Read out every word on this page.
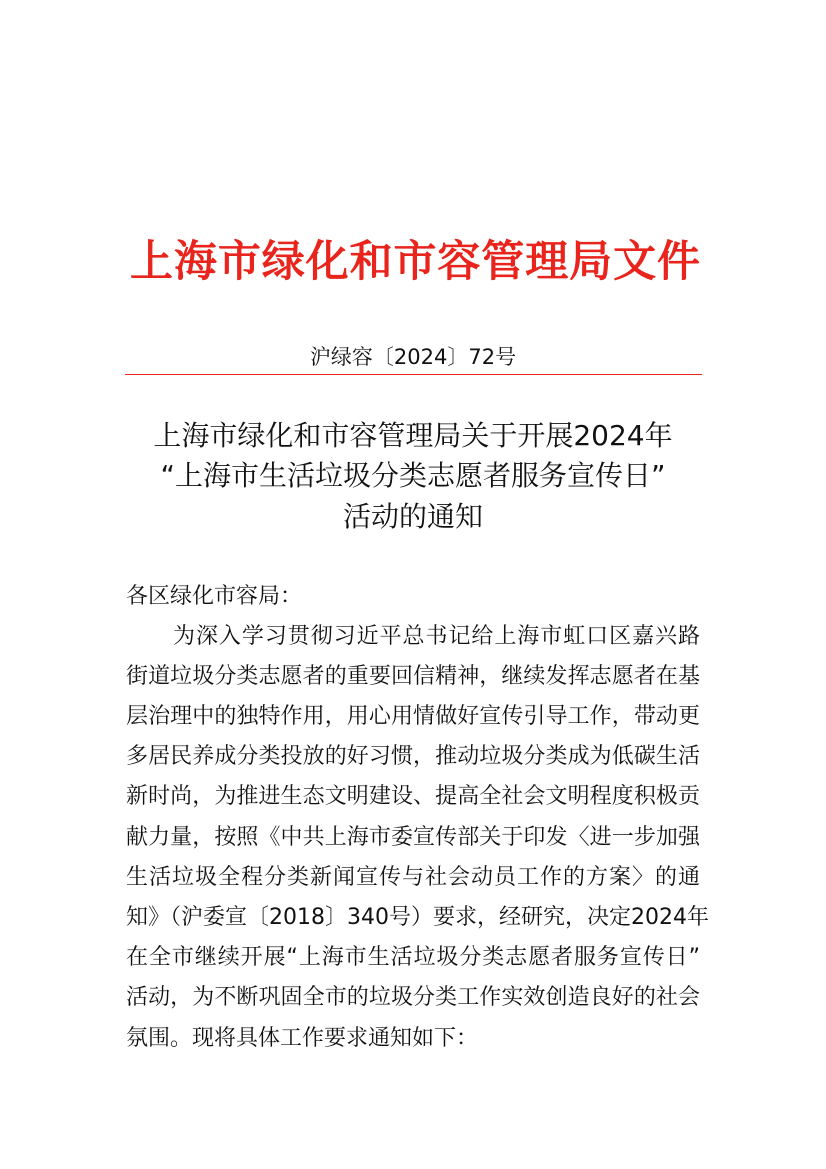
上海市绿化和市容管理局文件
沪绿容〔2024〕72号
上海市绿化和市容管理局关于开展2024年
“上海市生活垃圾分类志愿者服务宣传日”
活动的通知
各区绿化市容局：
为深入学习贯彻习近平总书记给上海市虹口区嘉兴路
街道垃圾分类志愿者的重要回信精神，继续发挥志愿者在基
层治理中的独特作用，用心用情做好宣传引导工作，带动更
多居民养成分类投放的好习惯，推动垃圾分类成为低碳生活
新时尚，为推进生态文明建设、提高全社会文明程度积极贡
献力量，按照《中共上海市委宣传部关于印发〈进一步加强
生活垃圾全程分类新闻宣传与社会动员工作的方案〉的通
知》（沪委宣〔2018〕340号）要求，经研究，决定2024年
在全市继续开展“上海市生活垃圾分类志愿者服务宣传日”
活动，为不断巩固全市的垃圾分类工作实效创造良好的社会
氛围。现将具体工作要求通知如下：
